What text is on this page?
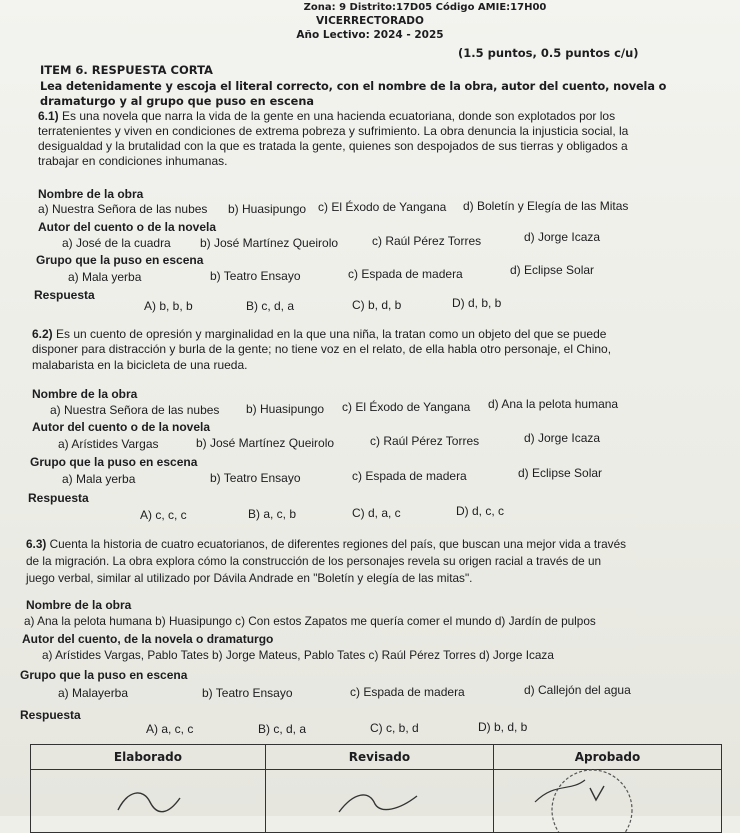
Zona: 9 Distrito:17D05 Código AMIE:17H00
VICERRECTORADO
Año Lectivo: 2024 - 2025
ITEM 6. RESPUESTA CORTA
(1.5 puntos, 0.5 puntos c/u)
Lea detenidamente y escoja el literal correcto, con el nombre de la obra, autor del cuento, novela o
dramaturgo y al grupo que puso en escena
6.1) Es una novela que narra la vida de la gente en una hacienda ecuatoriana, donde son explotados por los
terratenientes y viven en condiciones de extrema pobreza y sufrimiento. La obra denuncia la injusticia social, la
desigualdad y la brutalidad con la que es tratada la gente, quienes son despojados de sus tierras y obligados a
trabajar en condiciones inhumanas.
Nombre de la obra
a) Nuestra Señora de las nubes b) Huasipungo c) El Éxodo de Yangana d) Boletín y Elegía de las Mitas
Autor del cuento o de la novela
a) José de la cuadra b) José Martínez Queirolo	c) Raúl Pérez Torres	d) Jorge Icaza
Grupo que la puso en escena
a) Mala yerba	b) Teatro Ensayo	c) Espada de madera	d) Eclipse Solar
Respuesta
A) b, b, b	B) c, d, a	C) b, d, b	D) d, b, b
6.2) Es un cuento de opresión y marginalidad en la que una niña, la tratan como un objeto del que se puede
disponer para distracción y burla de la gente; no tiene voz en el relato, de ella habla otro personaje, el Chino,
malabarista en la bicicleta de una rueda.
Nombre de la obra
a) Nuestra Señora de las nubes b) Huasipungo c) El Éxodo de Yangana d) Ana la pelota humana
Autor del cuento o de la novela
a) Arístides Vargas	b) José Martínez Queirolo	c) Raúl Pérez Torres	d) Jorge Icaza
Grupo que la puso en escena
a) Mala yerba	b) Teatro Ensayo	c) Espada de madera	d) Eclipse Solar
Respuesta
A) c, c, c	B) a, c, b	C) d, a, c	D) d, c, c
6.3) Cuenta la historia de cuatro ecuatorianos, de diferentes regiones del país, que buscan una mejor vida a través
de la migración. La obra explora cómo la construcción de los personajes revela su origen racial a través de un
juego verbal, similar al utilizado por Dávila Andrade en "Boletín y elegía de las mitas".
Nombre de la obra
a) Ana la pelota humana b) Huasipungo c) Con estos Zapatos me quería comer el mundo d) Jardín de pulpos
Autor del cuento, de la novela o dramaturgo
a) Arístides Vargas, Pablo Tates b) Jorge Mateus, Pablo Tates c) Raúl Pérez Torres d) Jorge Icaza
Grupo que la puso en escena
a) Malayerba	b) Teatro Ensayo	c) Espada de madera	d) Callejón del agua
Respuesta
A) a, c, c	B) c, d, a	C) c, b, d	D) b, d, b
Elaborado	Revisado	Aprobado
